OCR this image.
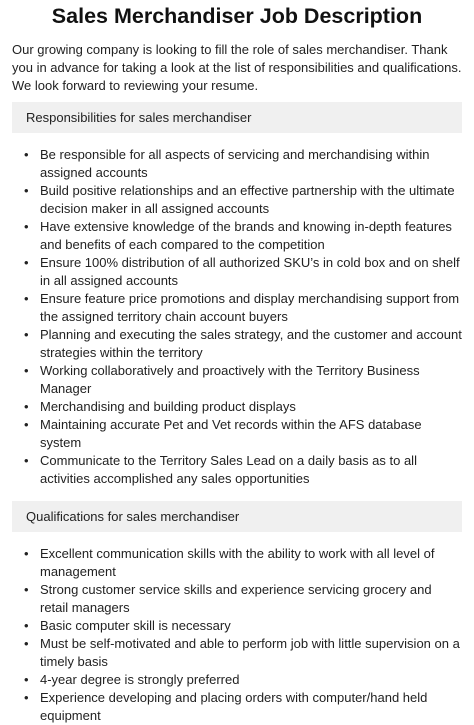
Sales Merchandiser Job Description

Our growing company is looking to fill the role of sales merchandiser. Thank you in advance for taking a look at the list of responsibilities and qualifications. We look forward to reviewing your resume.

Responsibilities for sales merchandiser
• Be responsible for all aspects of servicing and merchandising within assigned accounts
• Build positive relationships and an effective partnership with the ultimate decision maker in all assigned accounts
• Have extensive knowledge of the brands and knowing in-depth features and benefits of each compared to the competition
• Ensure 100% distribution of all authorized SKU’s in cold box and on shelf in all assigned accounts
• Ensure feature price promotions and display merchandising support from the assigned territory chain account buyers
• Planning and executing the sales strategy, and the customer and account strategies within the territory
• Working collaboratively and proactively with the Territory Business Manager
• Merchandising and building product displays
• Maintaining accurate Pet and Vet records within the AFS database system
• Communicate to the Territory Sales Lead on a daily basis as to all activities accomplished any sales opportunities
Qualifications for sales merchandiser
• Excellent communication skills with the ability to work with all level of management
• Strong customer service skills and experience servicing grocery and retail managers
• Basic computer skill is necessary
• Must be self-motivated and able to perform job with little supervision on a timely basis
• 4-year degree is strongly preferred
• Experience developing and placing orders with computer/hand held equipment
